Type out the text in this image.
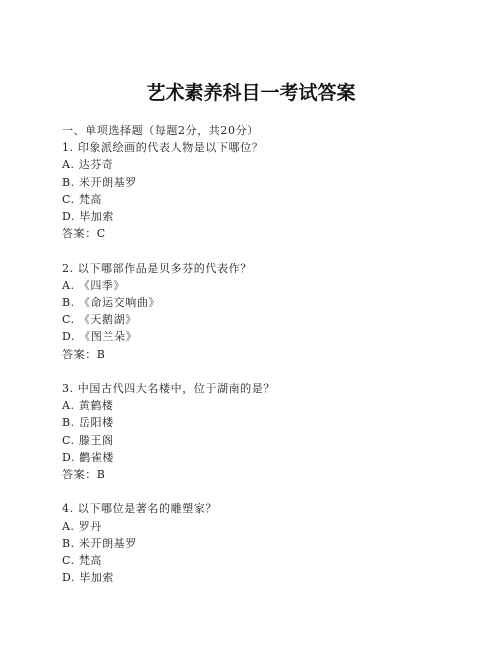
艺术素养科目一考试答案
一、单项选择题（每题2分，共20分）
1. 印象派绘画的代表人物是以下哪位？
A. 达芬奇
B. 米开朗基罗
C. 梵高
D. 毕加索
答案：C
2. 以下哪部作品是贝多芬的代表作？
A. 《四季》
B. 《命运交响曲》
C. 《天鹅湖》
D. 《图兰朵》
答案：B
3. 中国古代四大名楼中，位于湖南的是？
A. 黄鹤楼
B. 岳阳楼
C. 滕王阁
D. 鹳雀楼
答案：B
4. 以下哪位是著名的雕塑家？
A. 罗丹
B. 米开朗基罗
C. 梵高
D. 毕加索
